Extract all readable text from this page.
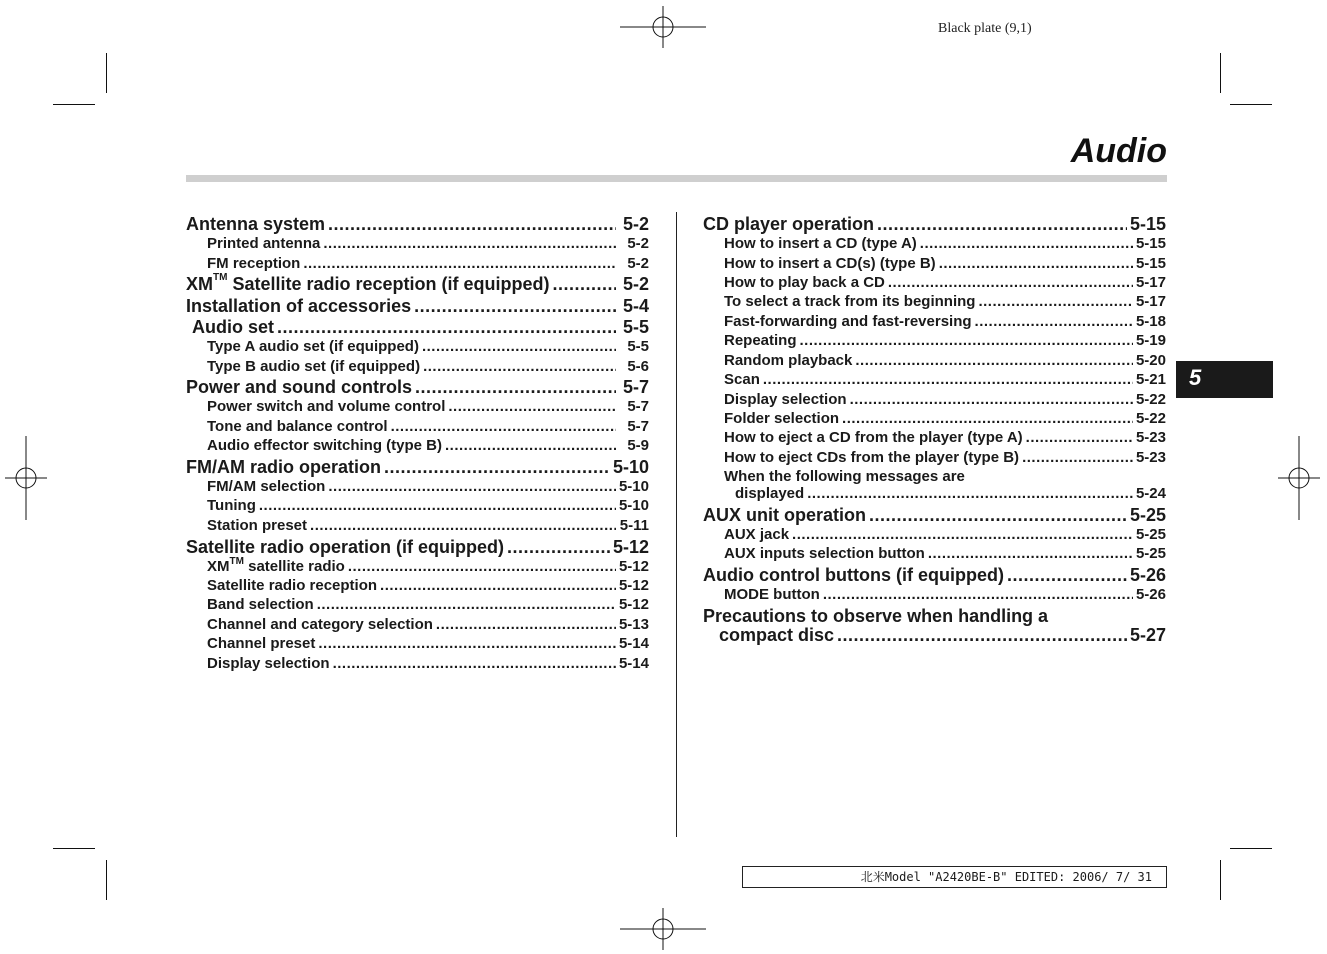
Black plate (9,1)
Audio
5
Antenna system .....	5-2
Printed antenna .....	5-2
FM reception .....	5-2
XM™ Satellite radio reception (if equipped) .....	5-2
Installation of accessories .....	5-4
Audio set .....	5-5
Type A audio set (if equipped) .....	5-5
Type B audio set (if equipped) .....	5-6
Power and sound controls .....	5-7
Power switch and volume control .....	5-7
Tone and balance control .....	5-7
Audio effector switching (type B) .....	5-9
FM/AM radio operation .....	5-10
FM/AM selection .....	5-10
Tuning .....	5-10
Station preset .....	5-11
Satellite radio operation (if equipped) .....	5-12
XM™ satellite radio .....	5-12
Satellite radio reception .....	5-12
Band selection .....	5-12
Channel and category selection .....	5-13
Channel preset .....	5-14
Display selection .....	5-14
CD player operation .....	5-15
How to insert a CD (type A) .....	5-15
How to insert a CD(s) (type B) .....	5-15
How to play back a CD .....	5-17
To select a track from its beginning .....	5-17
Fast-forwarding and fast-reversing .....	5-18
Repeating .....	5-19
Random playback .....	5-20
Scan .....	5-21
Display selection .....	5-22
Folder selection .....	5-22
How to eject a CD from the player (type A) .....	5-23
How to eject CDs from the player (type B) .....	5-23
When the following messages are
displayed .....	5-24
AUX unit operation .....	5-25
AUX jack .....	5-25
AUX inputs selection button .....	5-25
Audio control buttons (if equipped) .....	5-26
MODE button .....	5-26
Precautions to observe when handling a
compact disc .....	5-27
北米Model "A2420BE-B" EDITED: 2006/ 7/ 31
